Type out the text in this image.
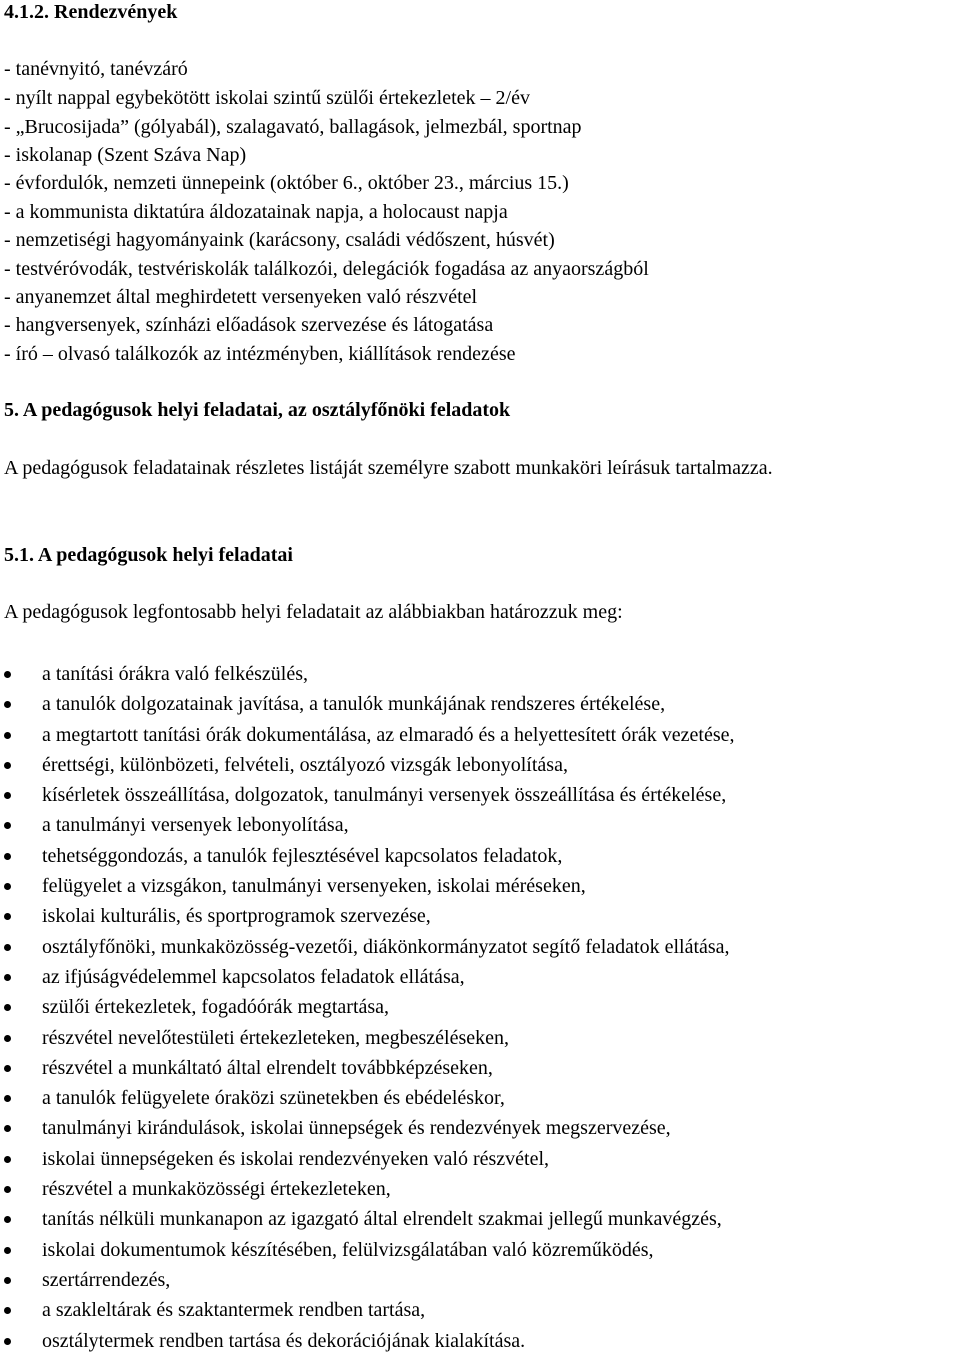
4.1.2. Rendezvények
- tanévnyitó, tanévzáró
- nyílt nappal egybekötött iskolai szintű szülői értekezletek – 2/év
- „Brucosijada” (gólyabál), szalagavató, ballagások, jelmezbál, sportnap
- iskolanap (Szent Száva Nap)
- évfordulók, nemzeti ünnepeink (október 6., október 23., március 15.)
- a kommunista diktatúra áldozatainak napja, a holocaust napja
- nemzetiségi hagyományaink (karácsony, családi védőszent, húsvét)
- testvéróvodák, testvériskolák találkozói, delegációk fogadása az anyaországból
- anyanemzet által meghirdetett versenyeken való részvétel
- hangversenyek, színházi előadások szervezése és látogatása
- író – olvasó találkozók az intézményben, kiállítások rendezése
5. A pedagógusok helyi feladatai, az osztályfőnöki feladatok

A pedagógusok feladatainak részletes listáját személyre szabott munkaköri leírásuk tartalmazza.

5.1. A pedagógusok helyi feladatai
A pedagógusok legfontosabb helyi feladatait az alábbiakban határozzuk meg:
a tanítási órákra való felkészülés,
a tanulók dolgozatainak javítása, a tanulók munkájának rendszeres értékelése,
a megtartott tanítási órák dokumentálása, az elmaradó és a helyettesített órák vezetése,
érettségi, különbözeti, felvételi, osztályozó vizsgák lebonyolítása,
kísérletek összeállítása, dolgozatok, tanulmányi versenyek összeállítása és értékelése,
a tanulmányi versenyek lebonyolítása,
tehetséggondozás, a tanulók fejlesztésével kapcsolatos feladatok,
felügyelet a vizsgákon, tanulmányi versenyeken, iskolai méréseken,
iskolai kulturális, és sportprogramok szervezése,
osztályfőnöki, munkaközösség-vezetői, diákönkormányzatot segítő feladatok ellátása,
az ifjúságvédelemmel kapcsolatos feladatok ellátása,
szülői értekezletek, fogadóórák megtartása,
részvétel nevelőtestületi értekezleteken, megbeszéléseken,
részvétel a munkáltató által elrendelt továbbképzéseken,
a tanulók felügyelete óraközi szünetekben és ebédeléskor,
tanulmányi kirándulások, iskolai ünnepségek és rendezvények megszervezése,
iskolai ünnepségeken és iskolai rendezvényeken való részvétel,
részvétel a munkaközösségi értekezleteken,
tanítás nélküli munkanapon az igazgató által elrendelt szakmai jellegű munkavégzés,
iskolai dokumentumok készítésében, felülvizsgálatában való közreműködés,
szertárrendezés,
a szakleltárak és szaktantermek rendben tartása,
osztálytermek rendben tartása és dekorációjának kialakítása.
